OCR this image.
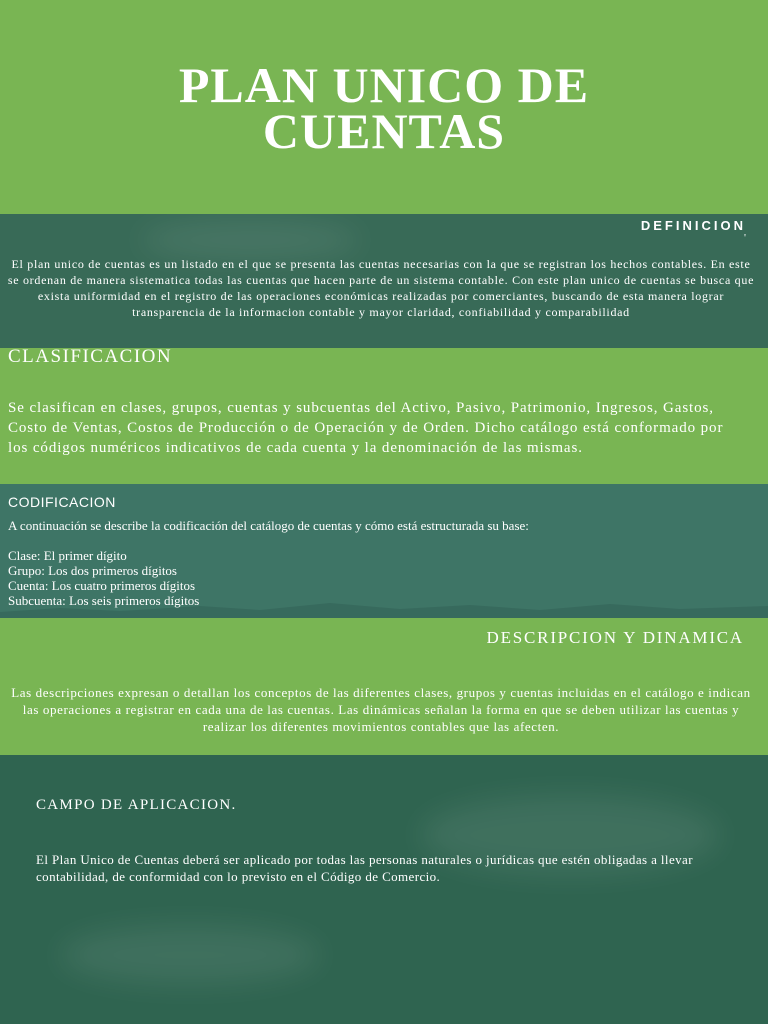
PLAN UNICO DE
CUENTAS
DEFINICION
'

El plan unico de cuentas es un listado en el que se presenta las cuentas necesarias con la que se registran los hechos contables. En este se ordenan de manera sistematica todas las cuentas que hacen parte de un sistema contable. Con este plan unico de cuentas se busca que exista uniformidad en el registro de las operaciones económicas realizadas por comerciantes, buscando de esta manera lograr transparencia de la informacion contable y mayor claridad, confiabilidad y comparabilidad

CLASIFICACION

Se clasifican en clases, grupos, cuentas y subcuentas del Activo, Pasivo, Patrimonio, Ingresos, Gastos, Costo de Ventas, Costos de Producción o de Operación y de Orden. Dicho catálogo está conformado por los códigos numéricos indicativos de cada cuenta y la denominación de las mismas.

CODIFICACION

A continuación se describe la codificación del catálogo de cuentas y cómo está estructurada su base:

Clase: El primer dígito
Grupo: Los dos primeros dígitos
Cuenta: Los cuatro primeros dígitos
Subcuenta: Los seis primeros dígitos
DESCRIPCION Y DINAMICA

Las descripciones expresan o detallan los conceptos de las diferentes clases, grupos y cuentas incluidas en el catálogo e indican las operaciones a registrar en cada una de las cuentas. Las dinámicas señalan la forma en que se deben utilizar las cuentas y realizar los diferentes movimientos contables que las afecten.

CAMPO DE APLICACION.

El Plan Unico de Cuentas deberá ser aplicado por todas las personas naturales o jurídicas que estén obligadas a llevar contabilidad, de conformidad con lo previsto en el Código de Comercio.
